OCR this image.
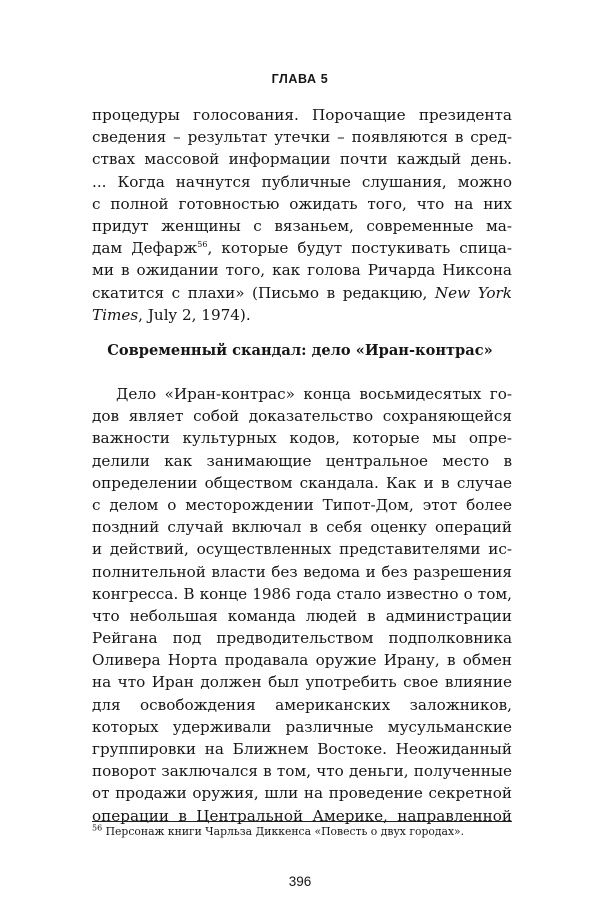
ГЛАВА 5
процедуры голосования. Порочащие президента
сведения – результат утечки – появляются в сред-
ствах массовой информации почти каждый день.
... Когда начнутся публичные слушания, можно
с полной готовностью ожидать того, что на них
придут женщины с вязаньем, современные ма-
дам Дефарж$^{56}$, которые будут постукивать спица-
ми в ожидании того, как голова Ричарда Никсона
скатится с плахи» (Письмо в редакцию, New York
Times, July 2, 1974).
Современный скандал: дело «Иран-контрас»
Дело «Иран-контрас» конца восьмидесятых го-
дов являет собой доказательство сохраняющейся
важности культурных кодов, которые мы опре-
делили как занимающие центральное место в
определении обществом скандала. Как и в случае
с делом о месторождении Типот-Дом, этот более
поздний случай включал в себя оценку операций
и действий, осуществленных представителями ис-
полнительной власти без ведома и без разрешения
конгресса. В конце 1986 года стало известно о том,
что небольшая команда людей в администрации
Рейгана под предводительством подполковника
Оливера Норта продавала оружие Ирану, в обмен
на что Иран должен был употребить свое влияние
для освобождения американских заложников,
которых удерживали различные мусульманские
группировки на Ближнем Востоке. Неожиданный
поворот заключался в том, что деньги, полученные
от продажи оружия, шли на проведение секретной
операции в Центральной Америке, направленной
$^{56}$ Персонаж книги Чарльза Диккенса «Повесть о двух городах».
396
